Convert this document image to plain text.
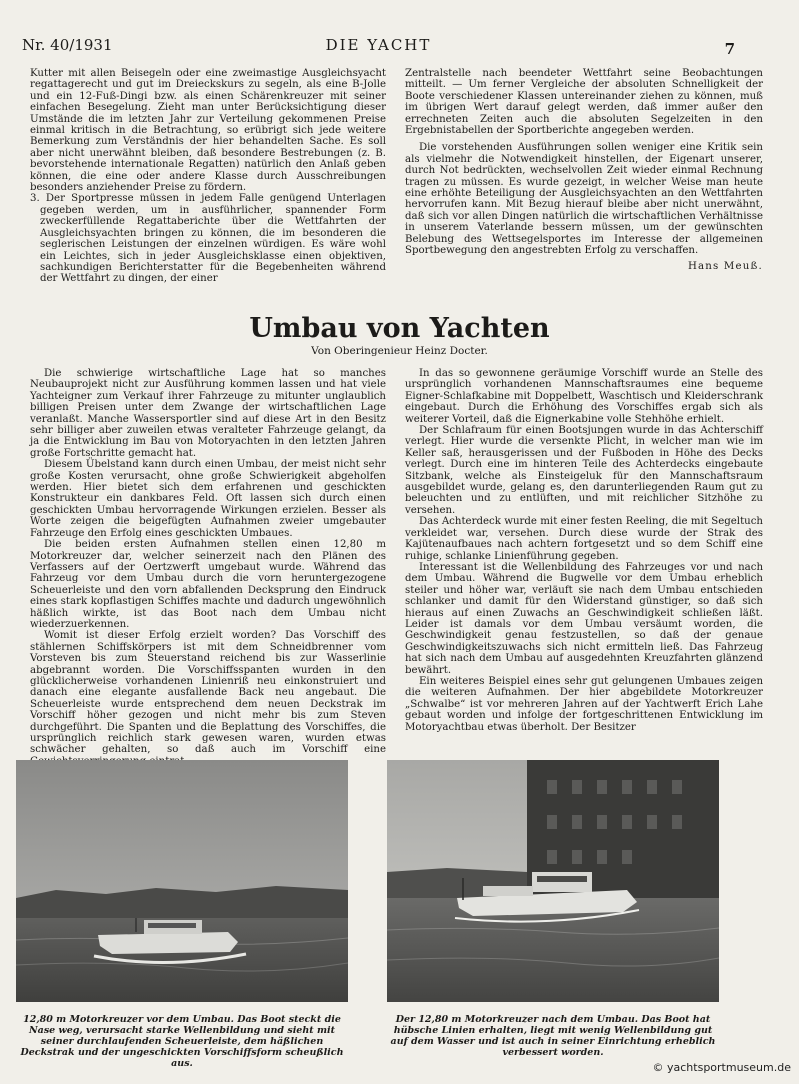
Nr. 40/1931	DIE YACHT	7

Kutter mit allen Beisegeln oder eine zweimastige Ausgleichsyacht regattagerecht und gut im Dreieckskurs zu segeln, als eine B-Jolle und ein 12-Fuß-Dingi bzw. als einen Schärenkreuzer mit seiner einfachen Besegelung. Zieht man unter Berücksichtigung dieser Umstände die im letzten Jahr zur Verteilung gekommenen Preise einmal kritisch in die Betrachtung, so erübrigt sich jede weitere Bemerkung zum Verständnis der hier behandelten Sache. Es soll aber nicht unerwähnt bleiben, daß besondere Bestrebungen (z. B. bevorstehende internationale Regatten) natürlich den Anlaß geben können, die eine oder andere Klasse durch Ausschreibungen besonders anziehender Preise zu fördern.

3. Der Sportpresse müssen in jedem Falle genügend Unterlagen gegeben werden, um in ausführlicher, spannender Form zweckerfüllende Regattaberichte über die Wettfahrten der Ausgleichsyachten bringen zu können, die im besonderen die seglerischen Leistungen der einzelnen würdigen. Es wäre wohl ein Leichtes, sich in jeder Ausgleichsklasse einen objektiven, sachkundigen Berichterstatter für die Begebenheiten während der Wettfahrt zu dingen, der einer

Zentralstelle nach beendeter Wettfahrt seine Beobachtungen mitteilt. — Um ferner Vergleiche der absoluten Schnelligkeit der Boote verschiedener Klassen untereinander ziehen zu können, muß im übrigen Wert darauf gelegt werden, daß immer außer den errechneten Zeiten auch die absoluten Segelzeiten in den Ergebnistabellen der Sportberichte angegeben werden.

Die vorstehenden Ausführungen sollen weniger eine Kritik sein als vielmehr die Notwendigkeit hinstellen, der Eigenart unserer, durch Not bedrückten, wechselvollen Zeit wieder einmal Rechnung tragen zu müssen. Es wurde gezeigt, in welcher Weise man heute eine erhöhte Beteiligung der Ausgleichsyachten an den Wettfahrten hervorrufen kann. Mit Bezug hierauf bleibe aber nicht unerwähnt, daß sich vor allen Dingen natürlich die wirtschaftlichen Verhältnisse in unserem Vaterlande bessern müssen, um der gewünschten Belebung des Wettsegelsportes im Interesse der allgemeinen Sportbewegung den angestrebten Erfolg zu verschaffen.

Hans Meuß.
Umbau von Yachten
Von Oberingenieur Heinz Docter.

Die schwierige wirtschaftliche Lage hat so manches Neubauprojekt nicht zur Ausführung kommen lassen und hat viele Yachteigner zum Verkauf ihrer Fahrzeuge zu mitunter unglaublich billigen Preisen unter dem Zwange der wirtschaftlichen Lage veranlaßt. Manche Wassersportler sind auf diese Art in den Besitz sehr billiger aber zuweilen etwas veralteter Fahrzeuge gelangt, da ja die Entwicklung im Bau von Motoryachten in den letzten Jahren große Fortschritte gemacht hat.

Diesem Übelstand kann durch einen Umbau, der meist nicht sehr große Kosten verursacht, ohne große Schwierigkeit abgeholfen werden. Hier bietet sich dem erfahrenen und geschickten Konstrukteur ein dankbares Feld. Oft lassen sich durch einen geschickten Umbau hervorragende Wirkungen erzielen. Besser als Worte zeigen die beigefügten Aufnahmen zweier umgebauter Fahrzeuge den Erfolg eines geschickten Umbaues.

Die beiden ersten Aufnahmen stellen einen 12,80 m Motorkreuzer dar, welcher seinerzeit nach den Plänen des Verfassers auf der Oertzwerft umgebaut wurde. Während das Fahrzeug vor dem Umbau durch die vorn heruntergezogene Scheuerleiste und den vorn abfallenden Decksprung den Eindruck eines stark kopflastigen Schiffes machte und dadurch ungewöhnlich häßlich wirkte, ist das Boot nach dem Umbau nicht wiederzuerkennen.

Womit ist dieser Erfolg erzielt worden? Das Vorschiff des stählernen Schiffskörpers ist mit dem Schneidbrenner vom Vorsteven bis zum Steuerstand reichend bis zur Wasserlinie abgebrannt worden. Die Vorschiffsspanten wurden in den glücklicherweise vorhandenen Linienriß neu einkonstruiert und danach eine elegante ausfallende Back neu angebaut. Die Scheuerleiste wurde entsprechend dem neuen Deckstrak im Vorschiff höher gezogen und nicht mehr bis zum Steven durchgeführt. Die Spanten und die Beplattung des Vorschiffes, die ursprünglich reichlich stark gewesen waren, wurden etwas schwächer gehalten, so daß auch im Vorschiff eine

In das so gewonnene geräumige Vorschiff wurde an Stelle des ursprünglich vorhandenen Mannschaftsraumes eine bequeme Eigner-Schlafkabine mit Doppelbett, Waschtisch und Kleiderschrank eingebaut. Durch die Erhöhung des Vorschiffes ergab sich als weiterer Vorteil, daß die Eignerkabine volle Stehhöhe erhielt.

Der Schlafraum für einen Bootsjungen wurde in das Achterschiff verlegt. Hier wurde die versenkte Plicht, in welcher man wie im Keller saß, herausgerissen und der Fußboden in Höhe des Decks verlegt. Durch eine im hinteren Teile des Achterdecks eingebaute Sitzbank, welche als Einsteigeluk für den Mannschaftsraum ausgebildet wurde, gelang es, den darunterliegenden Raum gut zu beleuchten und zu entlüften, und mit reichlicher Sitzhöhe zu versehen.

Das Achterdeck wurde mit einer festen Reeling, die mit Segeltuch verkleidet war, versehen. Durch diese wurde der Strak des Kajütenaufbaues nach achtern fortgesetzt und so dem Schiff eine ruhige, schlanke Linienführung gegeben.

Interessant ist die Wellenbildung des Fahrzeuges vor und nach dem Umbau. Während die Bugwelle vor dem Umbau erheblich steiler und höher war, verläuft sie nach dem Umbau entschieden schlanker und damit für den Widerstand günstiger, so daß sich hieraus auf einen Zuwachs an Geschwindigkeit schließen läßt. Leider ist damals vor dem Umbau versäumt worden, die Geschwindigkeit genau festzustellen, so daß der genaue Geschwindigkeitszuwachs sich nicht ermitteln ließ. Das Fahrzeug hat sich nach dem Umbau auf ausgedehnten Kreuzfahrten glänzend bewährt.

Ein weiteres Beispiel eines sehr gut gelungenen Umbaues zeigen die weiteren Aufnahmen. Der hier abgebildete Motorkreuzer „Schwalbe“ ist vor mehreren Jahren auf der Yachtwerft Erich Lahe gebaut worden und infolge der fortgeschrittenen Entwicklung im Motoryachtbau etwas überholt. Der Besitzer

12,80 m Motorkreuzer vor dem Umbau. Das Boot steckt die Nase weg, verursacht starke Wellenbildung und sieht mit seiner durchlaufenden Scheuerleiste, dem häßlichen Deckstrak und der ungeschickten Vorschiffsform scheußlich aus.
Der 12,80 m Motorkreuzer nach dem Umbau. Das Boot hat hübsche Linien erhalten, liegt mit wenig Wellenbildung gut auf dem Wasser und ist auch in seiner Einrichtung erheblich verbessert worden.
© yachtsportmuseum.de
